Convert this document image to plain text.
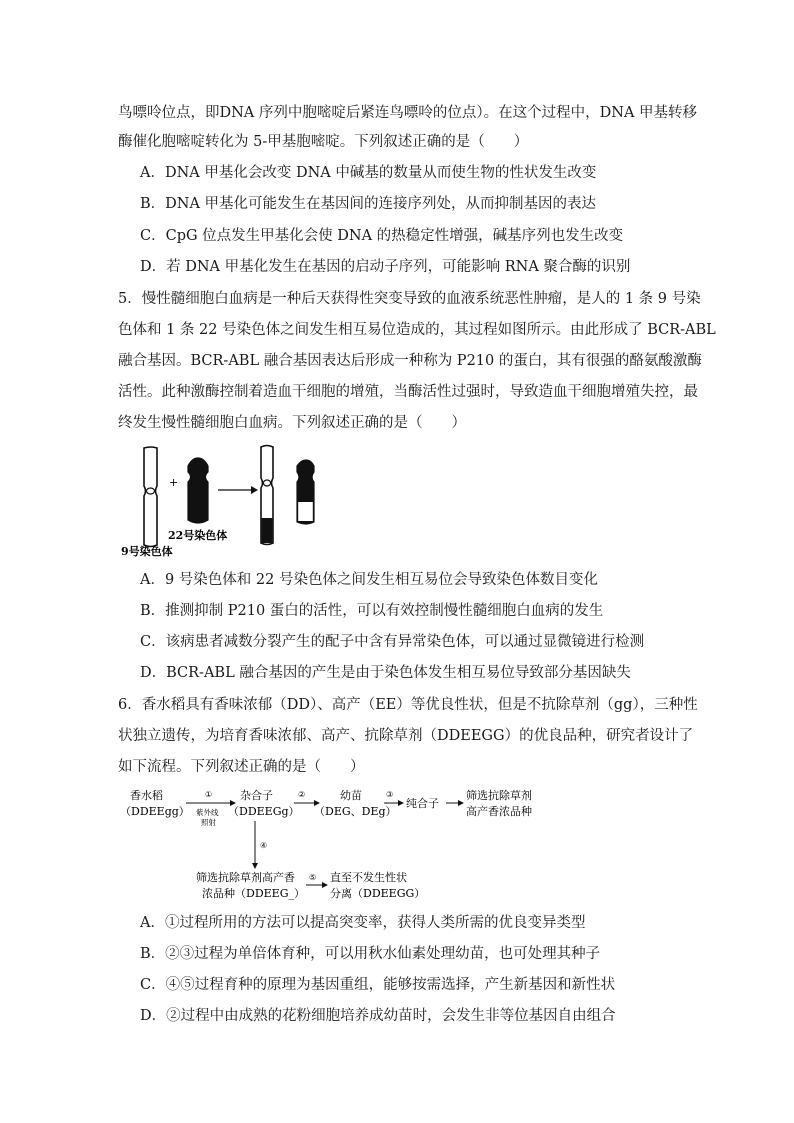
鸟嘌呤位点，即DNA 序列中胞嘧啶后紧连鸟嘌呤的位点）。在这个过程中，DNA 甲基转移
酶催化胞嘧啶转化为 5-甲基胞嘧啶。下列叙述正确的是（　　）
A．DNA 甲基化会改变 DNA 中碱基的数量从而使生物的性状发生改变
B．DNA 甲基化可能发生在基因间的连接序列处，从而抑制基因的表达
C．CpG 位点发生甲基化会使 DNA 的热稳定性增强，碱基序列也发生改变
D．若 DNA 甲基化发生在基因的启动子序列，可能影响 RNA 聚合酶的识别
5．慢性髓细胞白血病是一种后天获得性突变导致的血液系统恶性肿瘤，是人的 1 条 9 号染
色体和 1 条 22 号染色体之间发生相互易位造成的，其过程如图所示。由此形成了 BCR-ABL
融合基因。BCR-ABL 融合基因表达后形成一种称为 P210 的蛋白，其有很强的酪氨酸激酶
活性。此种激酶控制着造血干细胞的增殖，当酶活性过强时，导致造血干细胞增殖失控，最
终发生慢性髓细胞白血病。下列叙述正确的是（　　）
+
22号染色体
9号染色体
A．9 号染色体和 22 号染色体之间发生相互易位会导致染色体数目变化
B．推测抑制 P210 蛋白的活性，可以有效控制慢性髓细胞白血病的发生
C．该病患者减数分裂产生的配子中含有异常染色体，可以通过显微镜进行检测
D．BCR-ABL 融合基因的产生是由于染色体发生相互易位导致部分基因缺失
6．香水稻具有香味浓郁（DD）、高产（EE）等优良性状，但是不抗除草剂（gg），三种性
状独立遗传，为培育香味浓郁、高产、抗除草剂（DDEEGG）的优良品种，研究者设计了
如下流程。下列叙述正确的是（　　）
香水稻
（DDEEgg）
①
紫外线
照射
杂合子
（DDEEGg）
②	幼苗
（DEG、DEg）
③
纯合子
筛选抗除草剂
高产香浓品种
④
筛选抗除草剂高产香
浓品种（DDEEG_）
⑤ 直至不发生性状
分离（DDEEGG）
A．①过程所用的方法可以提高突变率，获得人类所需的优良变异类型
B．②③过程为单倍体育种，可以用秋水仙素处理幼苗，也可处理其种子
C．④⑤过程育种的原理为基因重组，能够按需选择，产生新基因和新性状
D．②过程中由成熟的花粉细胞培养成幼苗时，会发生非等位基因自由组合
